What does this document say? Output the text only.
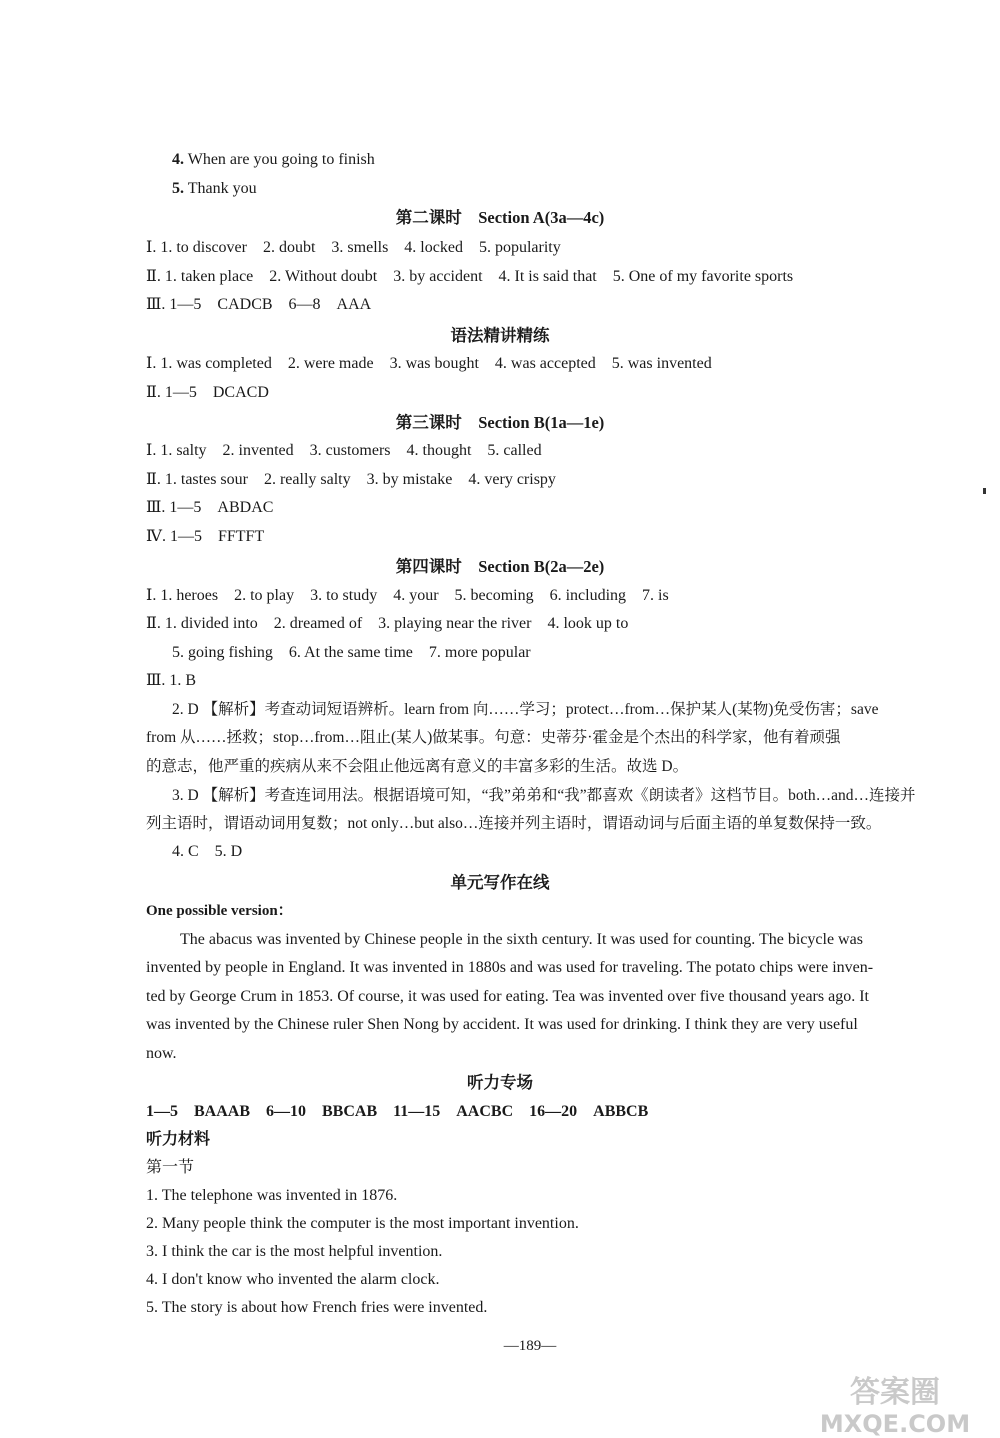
4. When are you going to finish
5. Thank you
第二课时　Section A(3a—4c)
Ⅰ. 1. to discover　2. doubt　3. smells　4. locked　5. popularity
Ⅱ. 1. taken place　2. Without doubt　3. by accident　4. It is said that　5. One of my favorite sports
Ⅲ. 1—5　CADCB　6—8　AAA
语法精讲精练
Ⅰ. 1. was completed　2. were made　3. was bought　4. was accepted　5. was invented
Ⅱ. 1—5　DCACD
第三课时　Section B(1a—1e)
Ⅰ. 1. salty　2. invented　3. customers　4. thought　5. called
Ⅱ. 1. tastes sour　2. really salty　3. by mistake　4. very crispy
Ⅲ. 1—5　ABDAC
Ⅳ. 1—5　FFTFT
第四课时　Section B(2a—2e)
Ⅰ. 1. heroes　2. to play　3. to study　4. your　5. becoming　6. including　7. is
Ⅱ. 1. divided into　2. dreamed of　3. playing near the river　4. look up to
5. going fishing　6. At the same time　7. more popular
Ⅲ. 1. B
2. D 【解析】考查动词短语辨析。learn from 向……学习；protect…from…保护某人(某物)免受伤害；save
from 从……拯救；stop…from…阻止(某人)做某事。句意：史蒂芬·霍金是个杰出的科学家，他有着顽强
的意志，他严重的疾病从来不会阻止他远离有意义的丰富多彩的生活。故选 D。
3. D 【解析】考查连词用法。根据语境可知，“我”弟弟和“我”都喜欢《朗读者》这档节目。both…and…连接并
列主语时，谓语动词用复数；not only…but also…连接并列主语时，谓语动词与后面主语的单复数保持一致。
4. C　5. D
单元写作在线
One possible version：
The abacus was invented by Chinese people in the sixth century. It was used for counting. The bicycle was
invented by people in England. It was invented in 1880s and was used for traveling. The potato chips were inven-
ted by George Crum in 1853. Of course, it was used for eating. Tea was invented over five thousand years ago. It
was invented by the Chinese ruler Shen Nong by accident. It was used for drinking. I think they are very useful
now.
听力专场
1—5　BAAAB　6—10　BBCAB　11—15　AACBC　16—20　ABBCB
听力材料
第一节
1. The telephone was invented in 1876.
2. Many people think the computer is the most important invention.
3. I think the car is the most helpful invention.
4. I don't know who invented the alarm clock.
5. The story is about how French fries were invented.
—189—
答案圈
MXQE.COM
